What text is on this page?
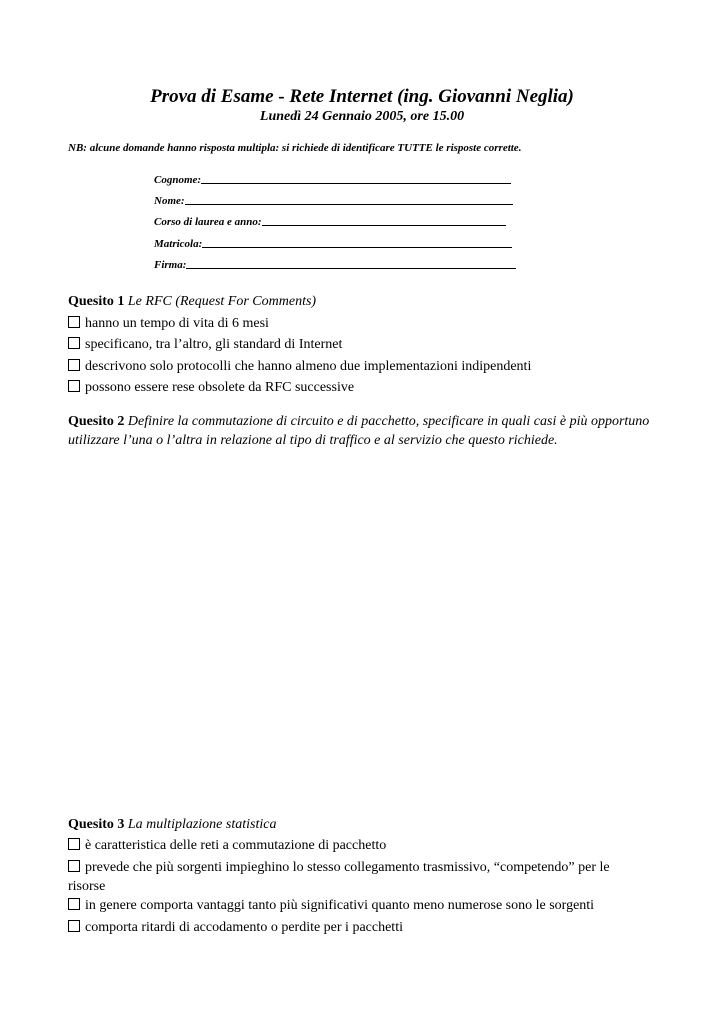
Prova di Esame - Rete Internet (ing. Giovanni Neglia)
Lunedì 24 Gennaio 2005, ore 15.00
NB: alcune domande hanno risposta multipla: si richiede di identificare TUTTE le risposte corrette.
Cognome:
Nome:
Corso di laurea e anno:
Matricola:
Firma:
Quesito 1 Le RFC (Request For Comments)
hanno un tempo di vita di 6 mesi
specificano, tra l’altro, gli standard di Internet
descrivono solo protocolli che hanno almeno due implementazioni indipendenti
possono essere rese obsolete da RFC successive
Quesito 2 Definire la commutazione di circuito e di pacchetto, specificare in quali casi è più opportuno utilizzare l’una o l’altra in relazione al tipo di traffico e al servizio che questo richiede.
Quesito 3 La multiplazione statistica
è caratteristica delle reti a commutazione di pacchetto
prevede che più sorgenti impieghino lo stesso collegamento trasmissivo, “competendo” per le risorse
in genere comporta vantaggi tanto più significativi quanto meno numerose sono le sorgenti
comporta ritardi di accodamento o perdite per i pacchetti
